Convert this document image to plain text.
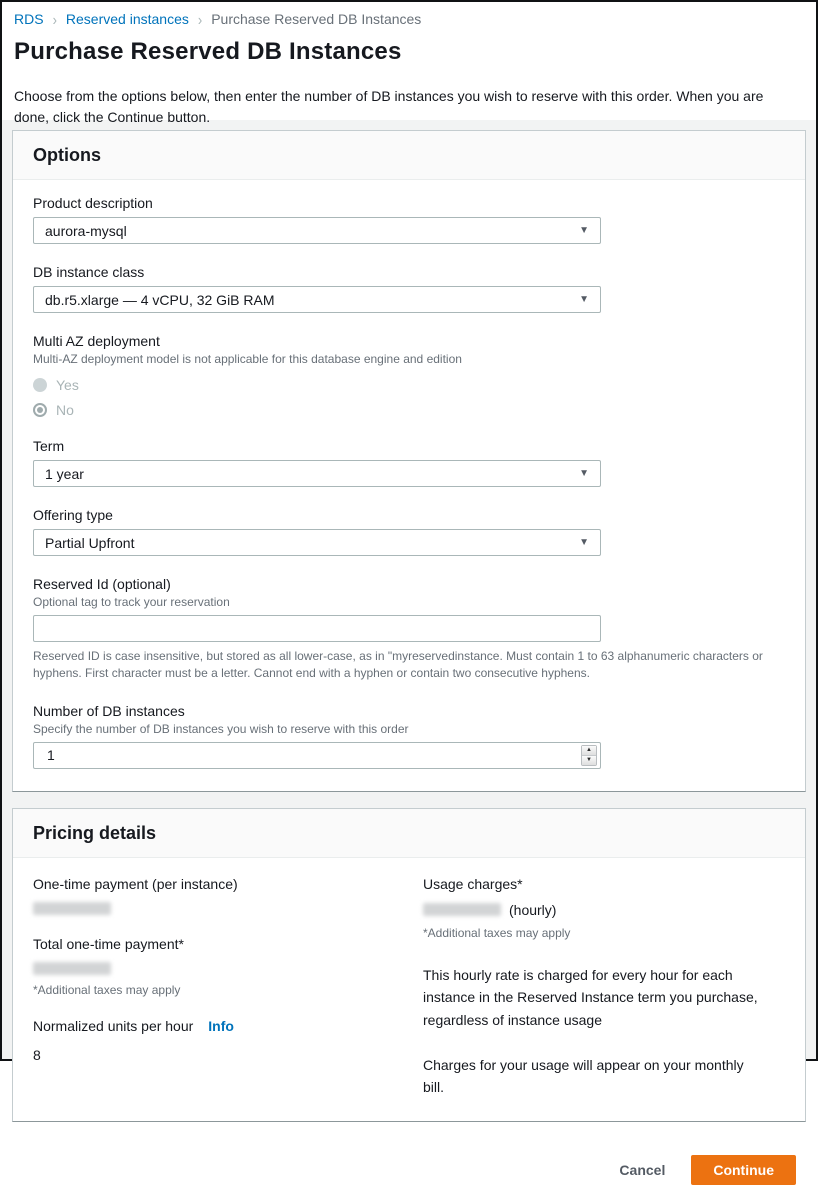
RDS › Reserved instances › Purchase Reserved DB Instances
Purchase Reserved DB Instances
Choose from the options below, then enter the number of DB instances you wish to reserve with this order. When you are done, click the Continue button.
Options
Product description
aurora-mysql	▼
DB instance class
db.r5.xlarge — 4 vCPU, 32 GiB RAM	▼
Multi AZ deployment
Multi-AZ deployment model is not applicable for this database engine and edition
Yes
No
Term
1 year	▼
Offering type
Partial Upfront	▼
Reserved Id (optional)
Optional tag to track your reservation
Reserved ID is case insensitive, but stored as all lower-case, as in "myreservedinstance. Must contain 1 to 63 alphanumeric characters or hyphens. First character must be a letter. Cannot end with a hyphen or contain two consecutive hyphens.
Number of DB instances
Specify the number of DB instances you wish to reserve with this order
1	▲
▼
Pricing details
One-time payment (per instance)
Total one-time payment*
*Additional taxes may apply
Normalized units per hour Info
8
Usage charges*
(hourly)
*Additional taxes may apply
This hourly rate is charged for every hour for each instance in the Reserved Instance term you purchase, regardless of instance usage
Charges for your usage will appear on your monthly bill.
Cancel	Continue
